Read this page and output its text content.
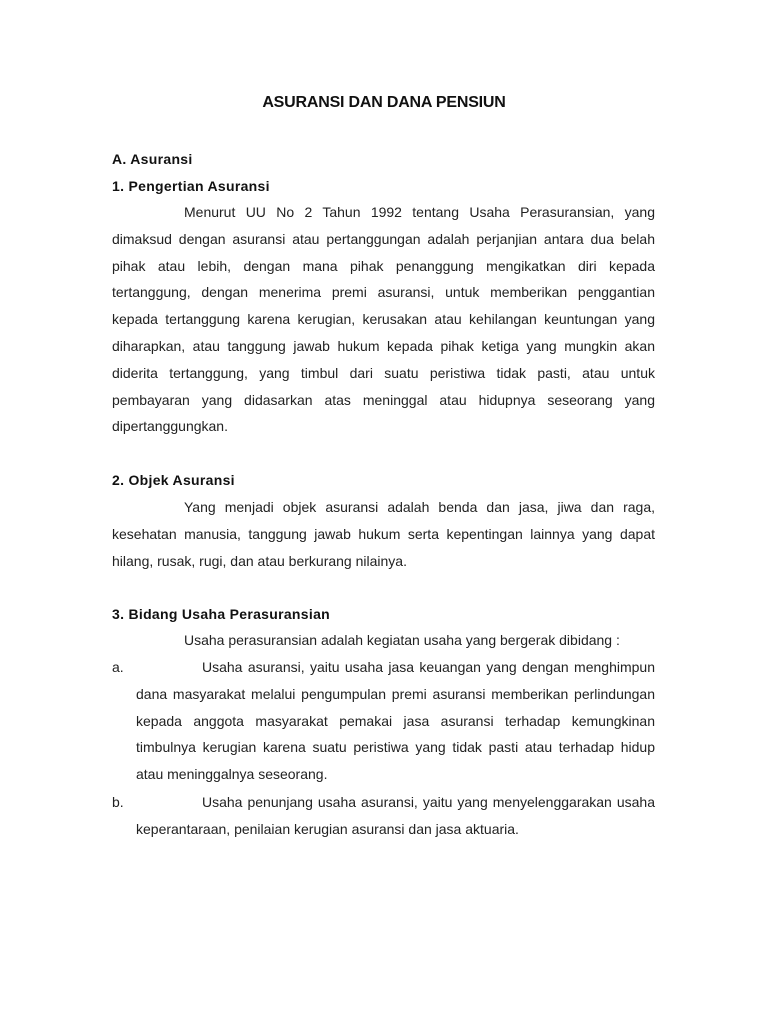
ASURANSI DAN DANA PENSIUN
A. Asuransi
1. Pengertian Asuransi
Menurut UU No 2 Tahun 1992 tentang Usaha Perasuransian, yang dimaksud dengan asuransi atau pertanggungan adalah perjanjian antara dua belah pihak atau lebih, dengan mana pihak penanggung mengikatkan diri kepada tertanggung, dengan menerima premi asuransi, untuk memberikan penggantian kepada tertanggung karena kerugian, kerusakan atau kehilangan keuntungan yang diharapkan, atau tanggung jawab hukum kepada pihak ketiga yang mungkin akan diderita tertanggung, yang timbul dari suatu peristiwa tidak pasti, atau untuk pembayaran yang didasarkan atas meninggal atau hidupnya seseorang yang dipertanggungkan.
2. Objek Asuransi
Yang menjadi objek asuransi adalah benda dan jasa, jiwa dan raga, kesehatan manusia, tanggung jawab hukum serta kepentingan lainnya yang dapat hilang, rusak, rugi, dan atau berkurang nilainya.
3. Bidang Usaha Perasuransian
Usaha perasuransian adalah kegiatan usaha yang bergerak dibidang :
a.	Usaha asuransi, yaitu usaha jasa keuangan yang dengan menghimpun dana masyarakat melalui pengumpulan premi asuransi memberikan perlindungan kepada anggota masyarakat pemakai jasa asuransi terhadap kemungkinan timbulnya kerugian karena suatu peristiwa yang tidak pasti atau terhadap hidup atau meninggalnya seseorang.
b.	Usaha penunjang usaha asuransi, yaitu yang menyelenggarakan usaha keperantaraan, penilaian kerugian asuransi dan jasa aktuaria.
